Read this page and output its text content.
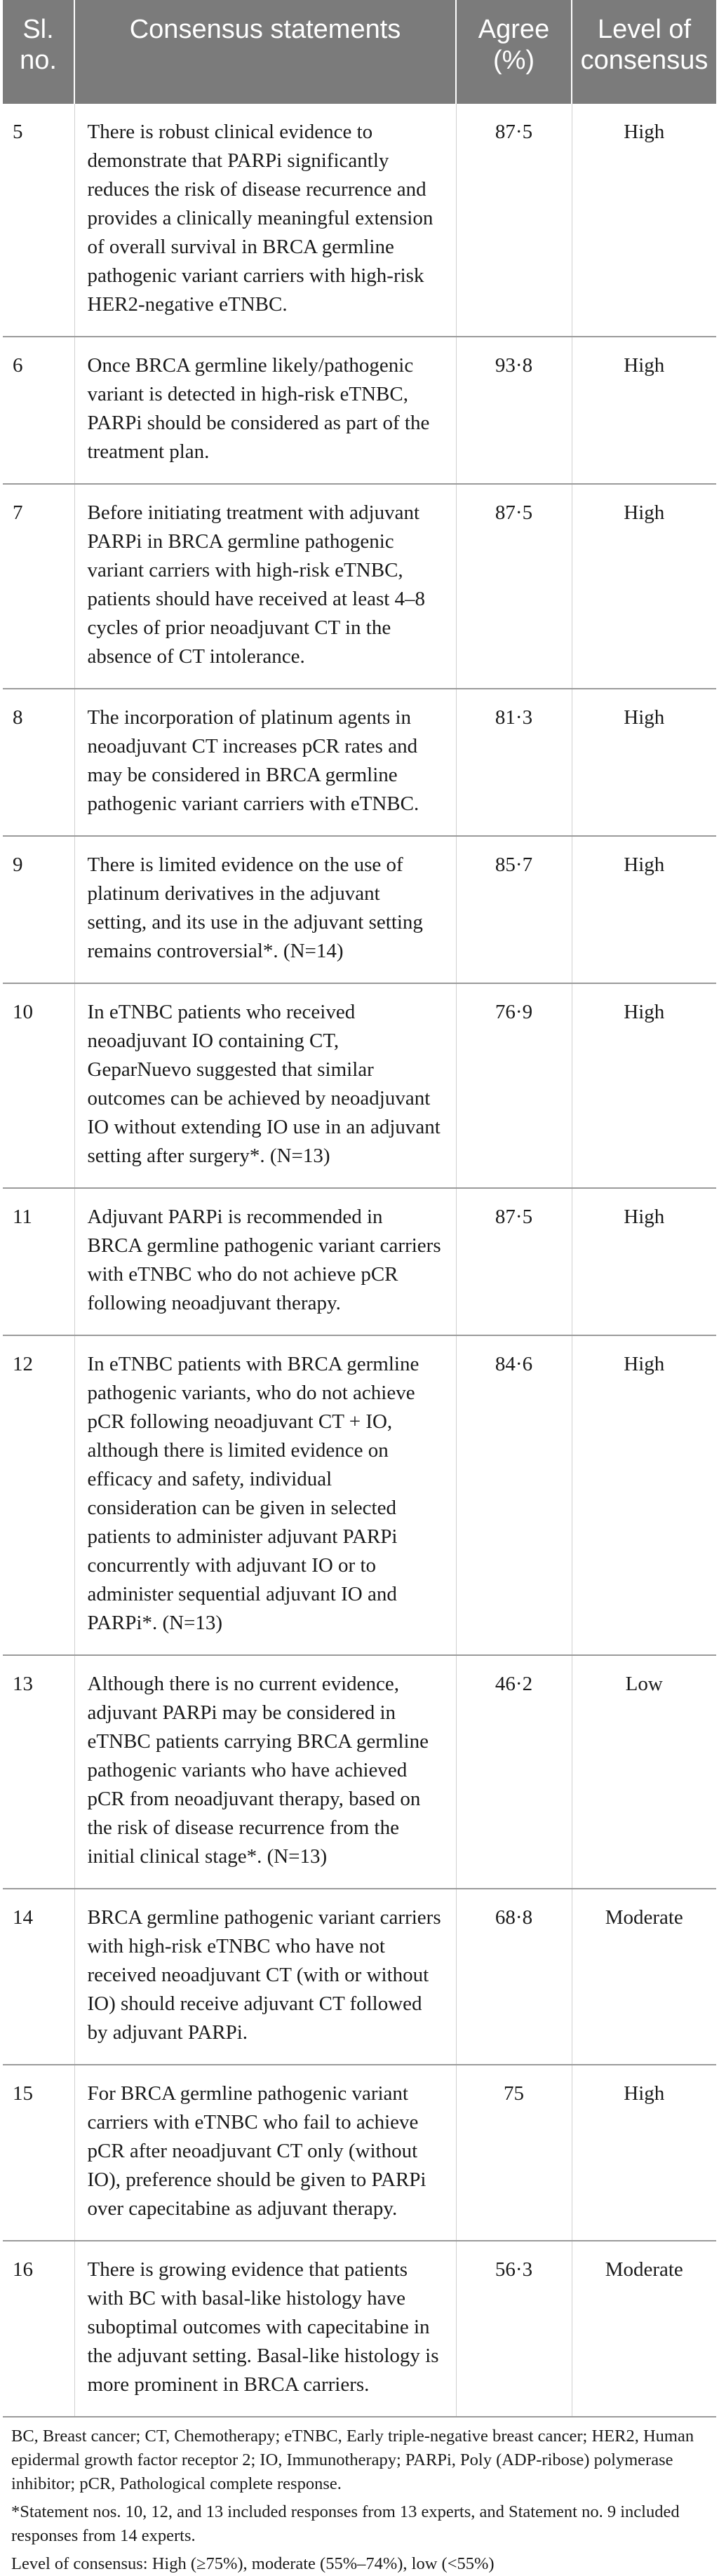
Sl. no.	Consensus statements	Agree (%)	Level of consensus
5	There is robust clinical evidence to demonstrate that PARPi significantly reduces the risk of disease recurrence and provides a clinically meaningful extension of overall survival in BRCA germline pathogenic variant carriers with high-risk HER2-negative eTNBC.	87·5	High
6	Once BRCA germline likely/pathogenic variant is detected in high-risk eTNBC, PARPi should be considered as part of the treatment plan.	93·8	High
7	Before initiating treatment with adjuvant PARPi in BRCA germline pathogenic variant carriers with high-risk eTNBC, patients should have received at least 4–8 cycles of prior neoadjuvant CT in the absence of CT intolerance.	87·5	High
8	The incorporation of platinum agents in neoadjuvant CT increases pCR rates and may be considered in BRCA germline pathogenic variant carriers with eTNBC.	81·3	High
9	There is limited evidence on the use of platinum derivatives in the adjuvant setting, and its use in the adjuvant setting remains controversial*. (N=14)	85·7	High
10	In eTNBC patients who received neoadjuvant IO containing CT, GeparNuevo suggested that similar outcomes can be achieved by neoadjuvant IO without extending IO use in an adjuvant setting after surgery*. (N=13)	76·9	High
11	Adjuvant PARPi is recommended in BRCA germline pathogenic variant carriers with eTNBC who do not achieve pCR following neoadjuvant therapy.	87·5	High
12	In eTNBC patients with BRCA germline pathogenic variants, who do not achieve pCR following neoadjuvant CT + IO, although there is limited evidence on efficacy and safety, individual consideration can be given in selected patients to administer adjuvant PARPi concurrently with adjuvant IO or to administer sequential adjuvant IO and PARPi*. (N=13)	84·6	High
13	Although there is no current evidence, adjuvant PARPi may be considered in eTNBC patients carrying BRCA germline pathogenic variants who have achieved pCR from neoadjuvant therapy, based on the risk of disease recurrence from the initial clinical stage*. (N=13)	46·2	Low
14	BRCA germline pathogenic variant carriers with high-risk eTNBC who have not received neoadjuvant CT (with or without IO) should receive adjuvant CT followed by adjuvant PARPi.	68·8	Moderate
15	For BRCA germline pathogenic variant carriers with eTNBC who fail to achieve pCR after neoadjuvant CT only (without IO), preference should be given to PARPi over capecitabine as adjuvant therapy.	75	High
16	There is growing evidence that patients with BC with basal-like histology have suboptimal outcomes with capecitabine in the adjuvant setting. Basal-like histology is more prominent in BRCA carriers.	56·3	Moderate

BC, Breast cancer; CT, Chemotherapy; eTNBC, Early triple-negative breast cancer; HER2, Human epidermal growth factor receptor 2; IO, Immunotherapy; PARPi, Poly (ADP-ribose) polymerase inhibitor; pCR, Pathological complete response.

*Statement nos. 10, 12, and 13 included responses from 13 experts, and Statement no. 9 included responses from 14 experts.

Level of consensus: High (≥75%), moderate (55%–74%), low (<55%)
